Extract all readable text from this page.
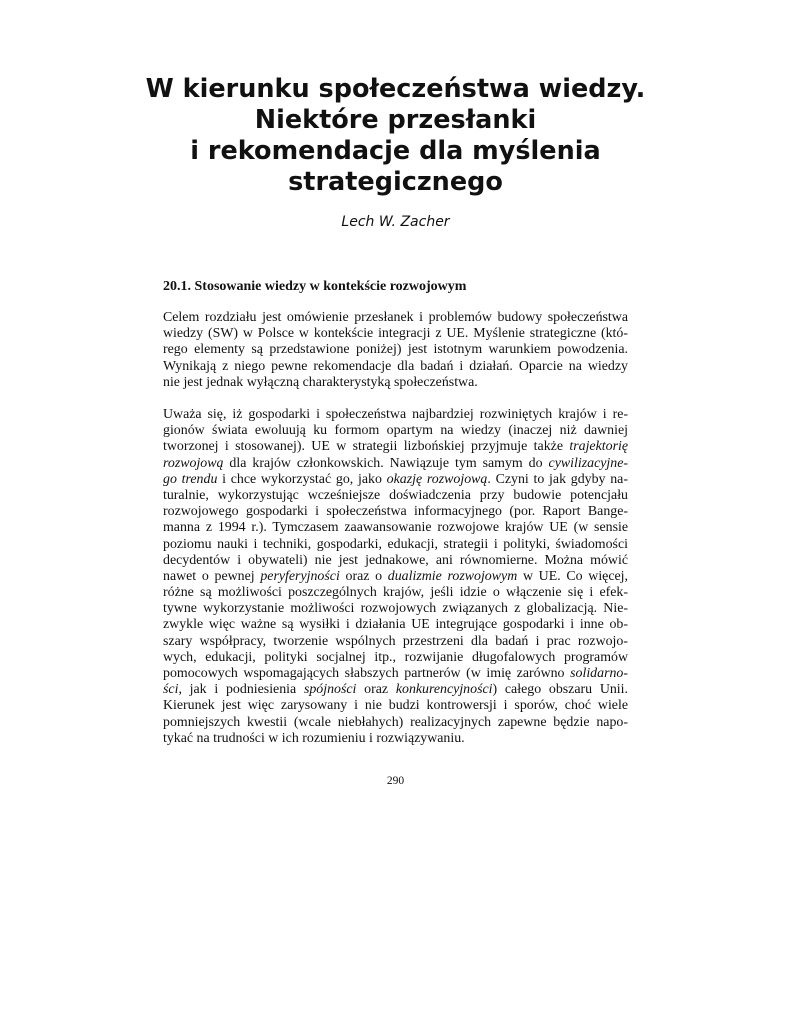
W kierunku społeczeństwa wiedzy.
Niektóre przesłanki
i rekomendacje dla myślenia
strategicznego

Lech W. Zacher

20.1. Stosowanie wiedzy w kontekście rozwojowym

Celem rozdziału jest omówienie przesłanek i problemów budowy społeczeństwa
wiedzy (SW) w Polsce w kontekście integracji z UE. Myślenie strategiczne (któ-
rego elementy są przedstawione poniżej) jest istotnym warunkiem powodzenia.
Wynikają z niego pewne rekomendacje dla badań i działań. Oparcie na wiedzy
nie jest jednak wyłączną charakterystyką społeczeństwa.

Uważa się, iż gospodarki i społeczeństwa najbardziej rozwiniętych krajów i re-
gionów świata ewoluują ku formom opartym na wiedzy (inaczej niż dawniej
tworzonej i stosowanej). UE w strategii lizbońskiej przyjmuje także trajektorię
rozwojową dla krajów członkowskich. Nawiązuje tym samym do cywilizacyjne-
go trendu i chce wykorzystać go, jako okazję rozwojową. Czyni to jak gdyby na-
turalnie, wykorzystując wcześniejsze doświadczenia przy budowie potencjału
rozwojowego gospodarki i społeczeństwa informacyjnego (por. Raport Bange-
manna z 1994 r.). Tymczasem zaawansowanie rozwojowe krajów UE (w sensie
poziomu nauki i techniki, gospodarki, edukacji, strategii i polityki, świadomości
decydentów i obywateli) nie jest jednakowe, ani równomierne. Można mówić
nawet o pewnej peryferyjności oraz o dualizmie rozwojowym w UE. Co więcej,
różne są możliwości poszczególnych krajów, jeśli idzie o włączenie się i efek-
tywne wykorzystanie możliwości rozwojowych związanych z globalizacją. Nie-
zwykle więc ważne są wysiłki i działania UE integrujące gospodarki i inne ob-
szary współpracy, tworzenie wspólnych przestrzeni dla badań i prac rozwojo-
wych, edukacji, polityki socjalnej itp., rozwijanie długofalowych programów
pomocowych wspomagających słabszych partnerów (w imię zarówno solidarno-
ści, jak i podniesienia spójności oraz konkurencyjności) całego obszaru Unii.
Kierunek jest więc zarysowany i nie budzi kontrowersji i sporów, choć wiele
pomniejszych kwestii (wcale niebłahych) realizacyjnych zapewne będzie napo-
tykać na trudności w ich rozumieniu i rozwiązywaniu.

290
